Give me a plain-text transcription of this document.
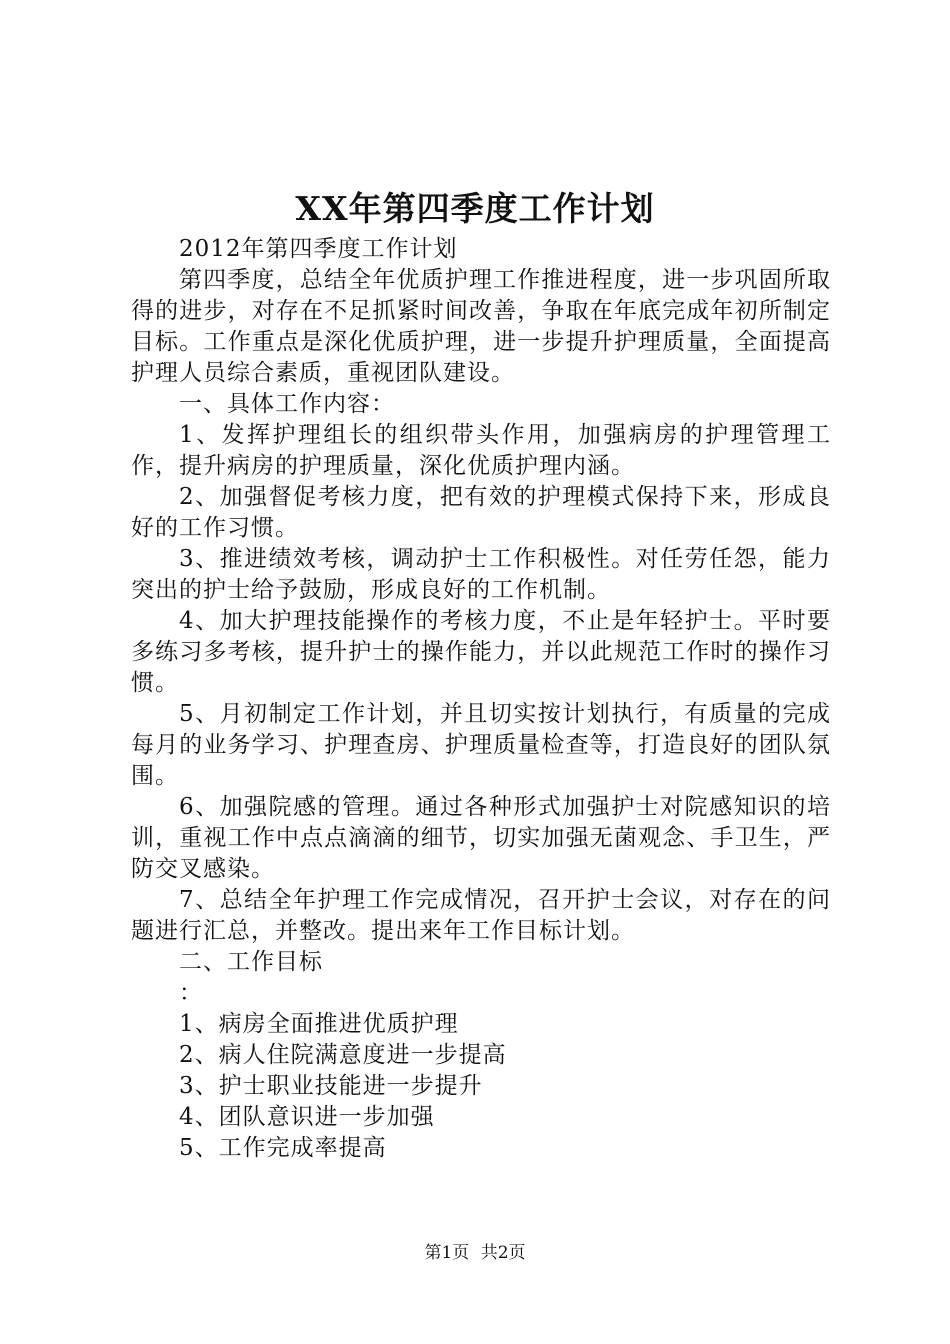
XX年第四季度工作计划

2012年第四季度工作计划

第四季度，总结全年优质护理工作推进程度，进一步巩固所取得的进步，对存在不足抓紧时间改善，争取在年底完成年初所制定目标。工作重点是深化优质护理，进一步提升护理质量，全面提高护理人员综合素质，重视团队建设。

一、具体工作内容：

1、发挥护理组长的组织带头作用，加强病房的护理管理工作，提升病房的护理质量，深化优质护理内涵。

2、加强督促考核力度，把有效的护理模式保持下来，形成良好的工作习惯。

3、推进绩效考核，调动护士工作积极性。对任劳任怨，能力突出的护士给予鼓励，形成良好的工作机制。

4、加大护理技能操作的考核力度，不止是年轻护士。平时要多练习多考核，提升护士的操作能力，并以此规范工作时的操作习惯。

5、月初制定工作计划，并且切实按计划执行，有质量的完成每月的业务学习、护理查房、护理质量检查等，打造良好的团队氛围。

6、加强院感的管理。通过各种形式加强护士对院感知识的培训，重视工作中点点滴滴的细节，切实加强无菌观念、手卫生，严防交叉感染。

7、总结全年护理工作完成情况，召开护士会议，对存在的问题进行汇总，并整改。提出来年工作目标计划。

二、工作目标

：

1、病房全面推进优质护理

2、病人住院满意度进一步提高

3、护士职业技能进一步提升

4、团队意识进一步加强

5、工作完成率提高

第1页 共2页
